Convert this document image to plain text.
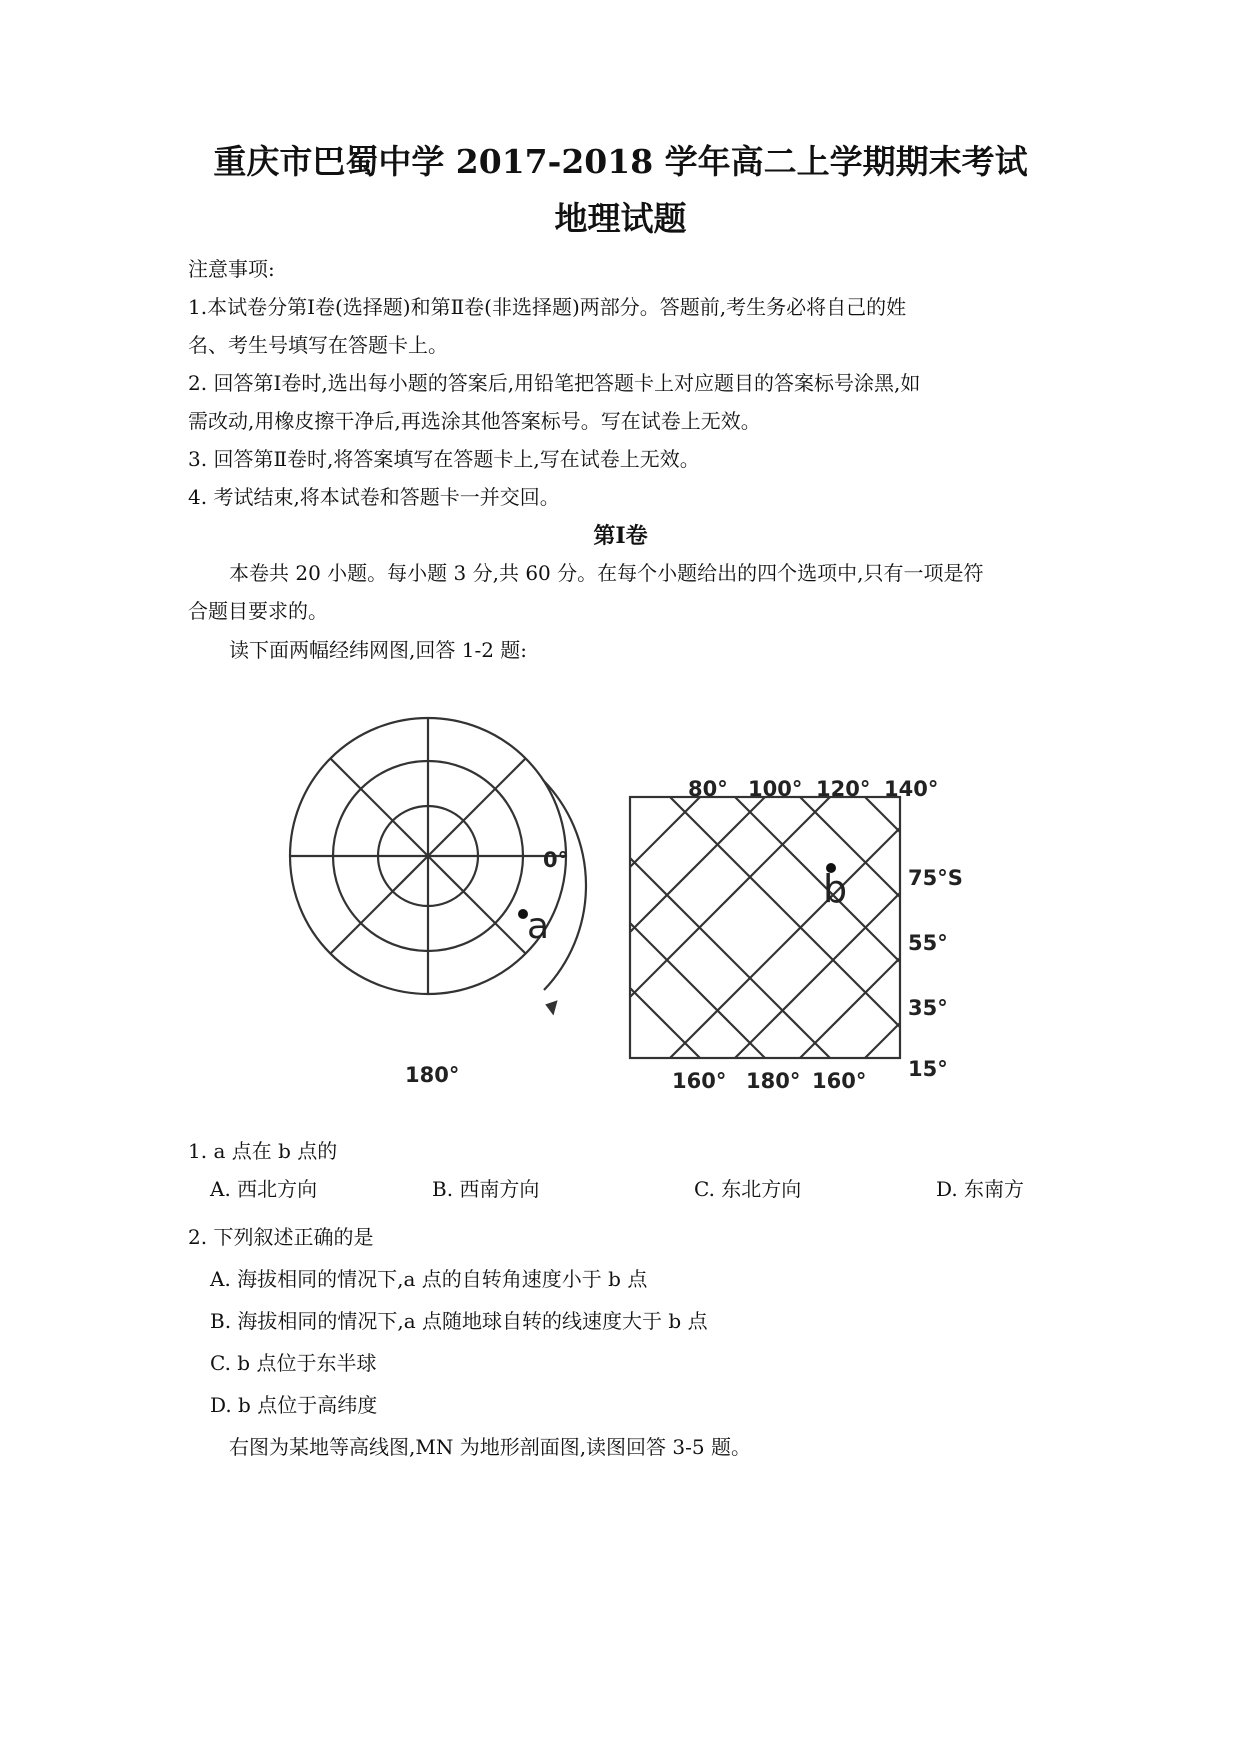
重庆市巴蜀中学 2017-2018 学年高二上学期期末考试
地理试题
注意事项:
1.本试卷分第Ⅰ卷(选择题)和第Ⅱ卷(非选择题)两部分。答题前,考生务必将自己的姓
名、考生号填写在答题卡上。
2. 回答第Ⅰ卷时,选出每小题的答案后,用铅笔把答题卡上对应题目的答案标号涂黑,如
需改动,用橡皮擦干净后,再选涂其他答案标号。写在试卷上无效。
3. 回答第Ⅱ卷时,将答案填写在答题卡上,写在试卷上无效。
4. 考试结束,将本试卷和答题卡一并交回。
第Ⅰ卷
本卷共 20 小题。每小题 3 分,共 60 分。在每个小题给出的四个选项中,只有一项是符
合题目要求的。
读下面两幅经纬网图,回答 1-2 题:
0°
180°
a
b
80° 100° 120° 140°
160° 180° 160°
75°S
55°
35°
15°
1. a 点在 b 点的
A. 西北方向	B. 西南方向	C. 东北方向	D. 东南方
2. 下列叙述正确的是
A. 海拔相同的情况下,a 点的自转角速度小于 b 点
B. 海拔相同的情况下,a 点随地球自转的线速度大于 b 点
C. b 点位于东半球
D. b 点位于高纬度
右图为某地等高线图,MN 为地形剖面图,读图回答 3-5 题。
